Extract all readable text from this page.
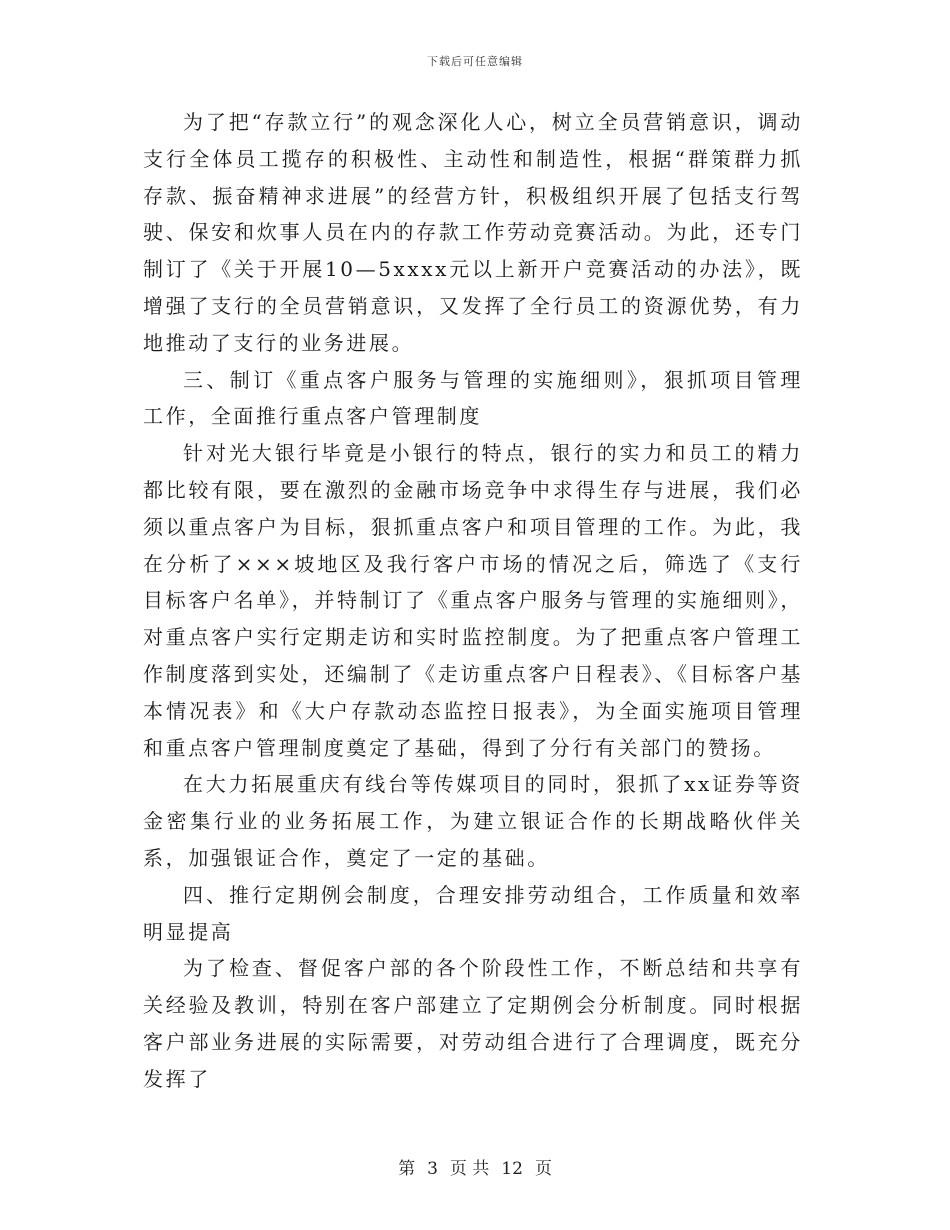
下载后可任意编辑

为了把“存款立行”的观念深化人心，树立全员营销意识，调动支行全体员工揽存的积极性、主动性和制造性，根据“群策群力抓存款、振奋精神求进展”的经营方针，积极组织开展了包括支行驾驶、保安和炊事人员在内的存款工作劳动竞赛活动。为此，还专门制订了《关于开展10—5xxxx元以上新开户竞赛活动的办法》，既增强了支行的全员营销意识，又发挥了全行员工的资源优势，有力地推动了支行的业务进展。

三、制订《重点客户服务与管理的实施细则》，狠抓项目管理工作，全面推行重点客户管理制度

针对光大银行毕竟是小银行的特点，银行的实力和员工的精力都比较有限，要在激烈的金融市场竞争中求得生存与进展，我们必须以重点客户为目标，狠抓重点客户和项目管理的工作。为此，我在分析了×××坡地区及我行客户市场的情况之后，筛选了《支行目标客户名单》，并特制订了《重点客户服务与管理的实施细则》，对重点客户实行定期走访和实时监控制度。为了把重点客户管理工作制度落到实处，还编制了《走访重点客户日程表》、《目标客户基本情况表》和《大户存款动态监控日报表》，为全面实施项目管理和重点客户管理制度奠定了基础，得到了分行有关部门的赞扬。

在大力拓展重庆有线台等传媒项目的同时，狠抓了xx证券等资金密集行业的业务拓展工作，为建立银证合作的长期战略伙伴关系，加强银证合作，奠定了一定的基础。

四、推行定期例会制度，合理安排劳动组合，工作质量和效率明显提高

为了检查、督促客户部的各个阶段性工作，不断总结和共享有关经验及教训，特别在客户部建立了定期例会分析制度。同时根据客户部业务进展的实际需要，对劳动组合进行了合理调度，既充分发挥了

第 3 页 共 12 页
